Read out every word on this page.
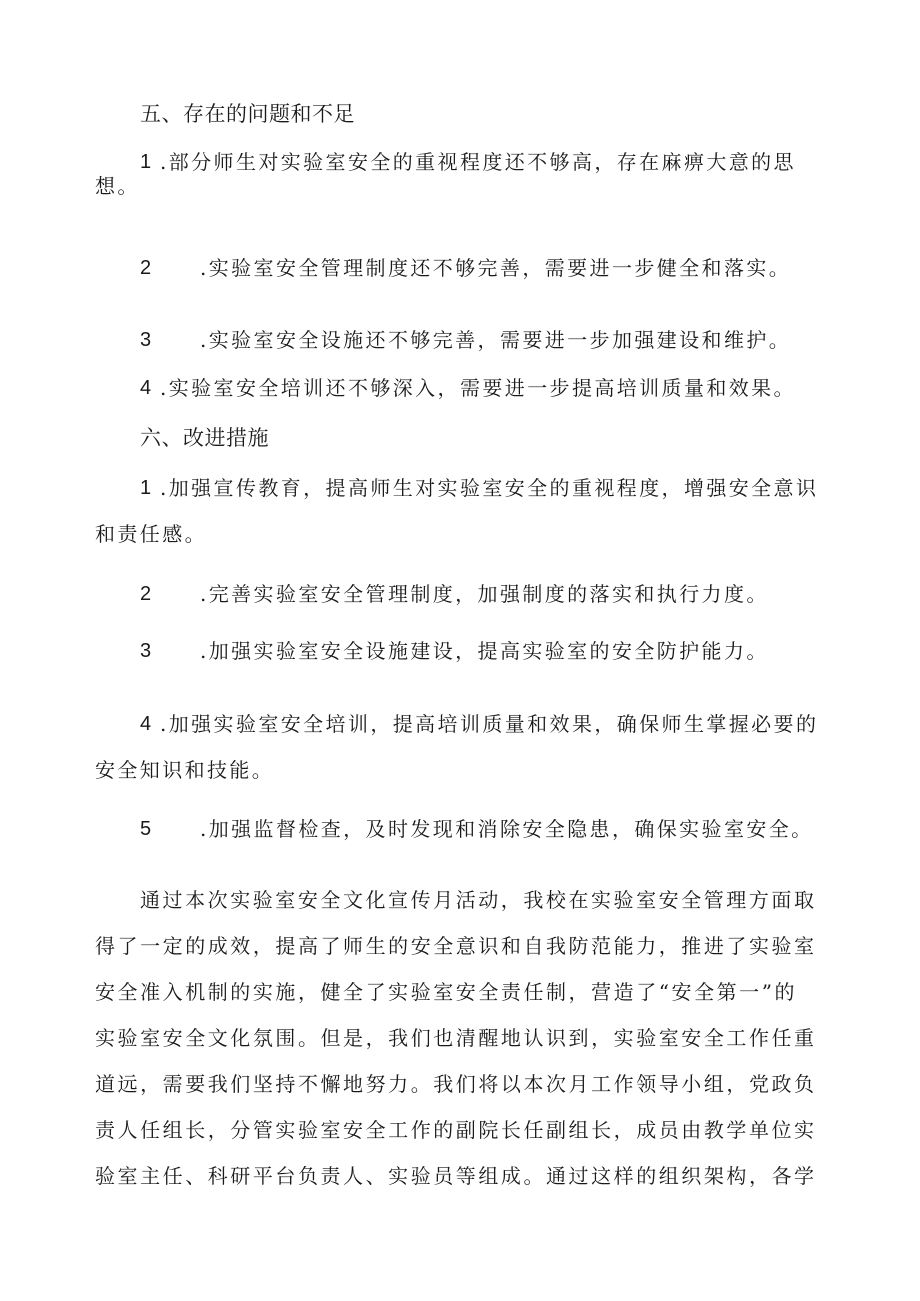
五、存在的问题和不足
1 .部分师生对实验室安全的重视程度还不够高，存在麻痹大意的思
想。
2 .实验室安全管理制度还不够完善，需要进一步健全和落实。
3 .实验室安全设施还不够完善，需要进一步加强建设和维护。
4 .实验室安全培训还不够深入，需要进一步提高培训质量和效果。
六、改进措施
1 .加强宣传教育，提高师生对实验室安全的重视程度，增强安全意识
和责任感。
2 .完善实验室安全管理制度，加强制度的落实和执行力度。
3 .加强实验室安全设施建设，提高实验室的安全防护能力。
4 .加强实验室安全培训，提高培训质量和效果，确保师生掌握必要的
安全知识和技能。
5 .加强监督检查，及时发现和消除安全隐患，确保实验室安全。
通过本次实验室安全文化宣传月活动，我校在实验室安全管理方面取
得了一定的成效，提高了师生的安全意识和自我防范能力，推进了实验室
安全准入机制的实施，健全了实验室安全责任制，营造了“安全第一”的
实验室安全文化氛围。但是，我们也清醒地认识到，实验室安全工作任重
道远，需要我们坚持不懈地努力。我们将以本次月工作领导小组，党政负
责人任组长，分管实验室安全工作的副院长任副组长，成员由教学单位实
验室主任、科研平台负责人、实验员等组成。通过这样的组织架构，各学
